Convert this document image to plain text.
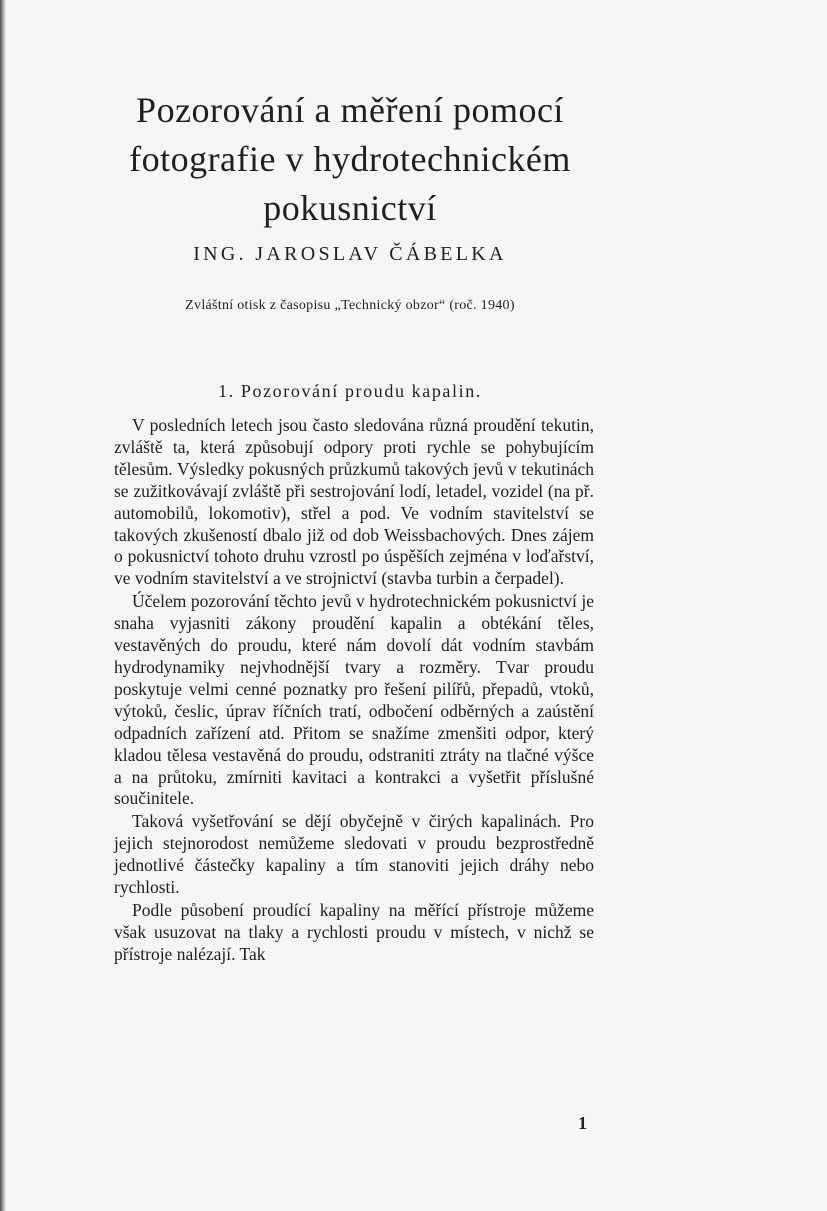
Pozorování a měření pomocí
fotografie v hydrotechnickém
pokusnictví
ING. JAROSLAV ČÁBELKA
Zvláštní otisk z časopisu „Technický obzor“ (roč. 1940)
1. Pozorování proudu kapalin.

V posledních letech jsou často sledována různá proudění tekutin, zvláště ta, která způsobují odpory proti rychle se pohybujícím tělesům. Výsledky pokusných průzkumů takových jevů v tekutinách se zužitkovávají zvláště při sestrojování lodí, letadel, vozidel (na př. automobilů, lokomotiv), střel a pod. Ve vodním stavitelství se takových zkušeností dbalo již od dob Weissbachových. Dnes zájem o pokusnictví tohoto druhu vzrostl po úspěších zejména v loďařství, ve vodním stavitelství a ve strojnictví (stavba turbin a čerpadel).

Účelem pozorování těchto jevů v hydrotechnickém pokusnictví je snaha vyjasniti zákony proudění kapalin a obtékání těles, vestavěných do proudu, které nám dovolí dát vodním stavbám hydrodynamiky nejvhodnější tvary a rozměry. Tvar proudu poskytuje velmi cenné poznatky pro řešení pilířů, přepadů, vtoků, výtoků, česlic, úprav říčních tratí, odbočení odběrných a zaústění odpadních zařízení atd. Přitom se snažíme zmenšiti odpor, který kladou tělesa vestavěná do proudu, odstraniti ztráty na tlačné výšce a na průtoku, zmírniti kavitaci a kontrakci a vyšetřit příslušné součinitele.

Taková vyšetřování se dějí obyčejně v čirých kapalinách. Pro jejich stejnorodost nemůžeme sledovati v proudu bezprostředně jednotlivé částečky kapaliny a tím stanoviti jejich dráhy nebo rychlosti.

Podle působení proudící kapaliny na měřící přístroje můžeme však usuzovat na tlaky a rychlosti proudu v místech, v nichž se přístroje nalézají. Tak

1
